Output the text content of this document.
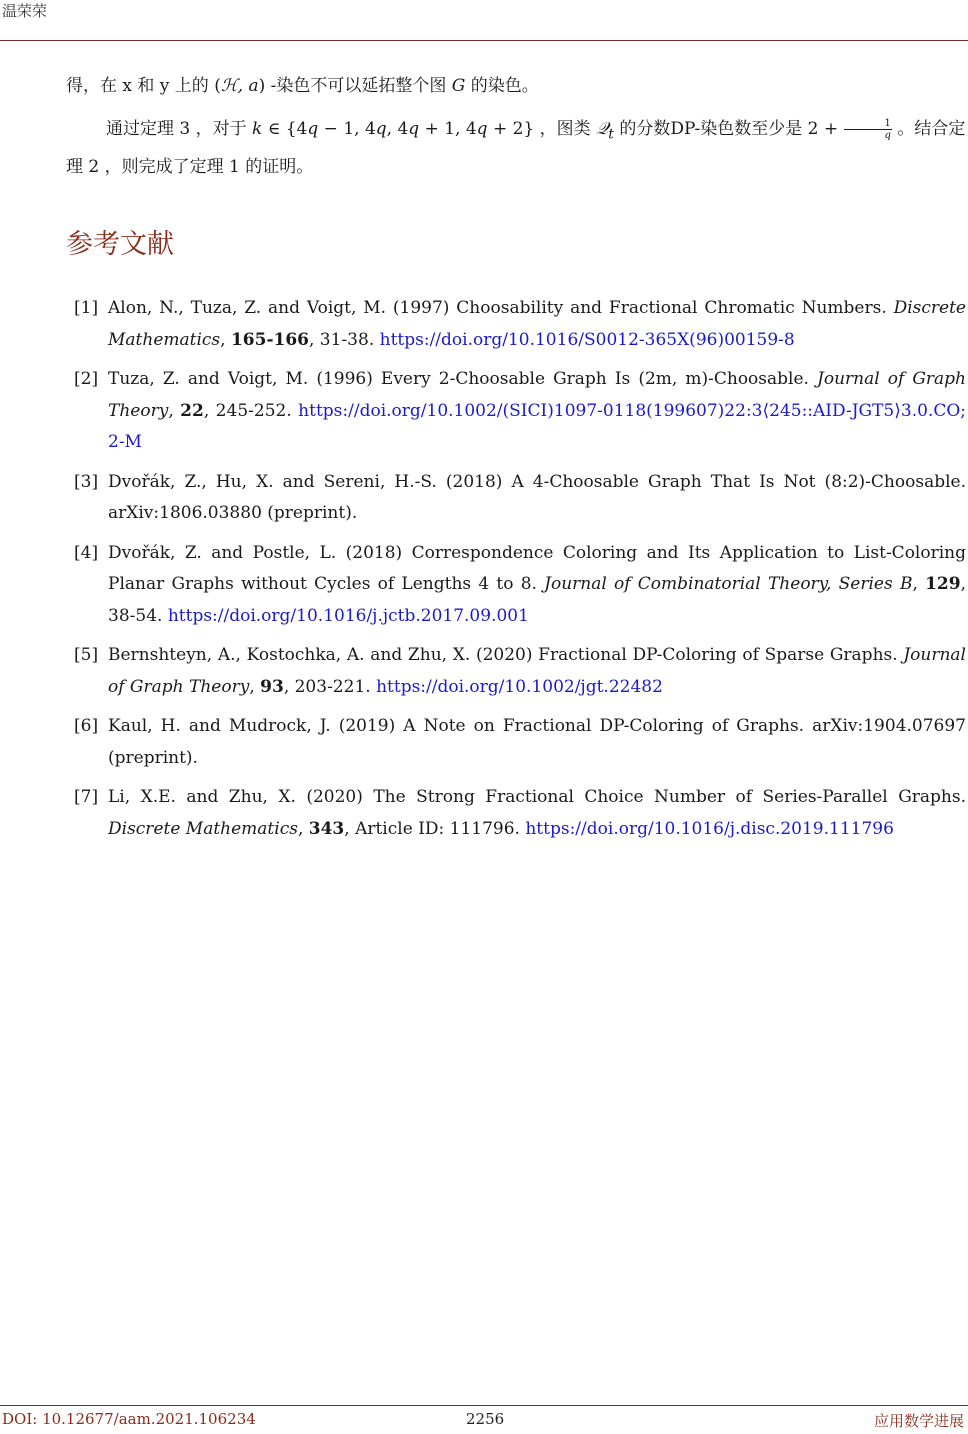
温荣荣
得，在 x 和 y 上的 (ℋ, a) -染色不可以延拓整个图 G 的染色。
通过定理 3 ，对于 k ∈ {4q − 1, 4q, 4q + 1, 4q + 2} ，图类 𝒬$_t$ 的分数DP-染色数至少是 $2 + \frac{1}{q}$ 。结合定理 2 ，则完成了定理 1 的证明。
参考文献
[1] Alon, N., Tuza, Z. and Voigt, M. (1997) Choosability and Fractional Chromatic Numbers. Discrete Mathematics, 165-166, 31-38. https://doi.org/10.1016/S0012-365X(96)00159-8
[2] Tuza, Z. and Voigt, M. (1996) Every 2-Choosable Graph Is (2m, m)-Choosable. Journal of Graph Theory, 22, 245-252. https://doi.org/10.1002/(SICI)1097-0118(199607)22:3⟨245::AID-JGT5⟩3.0.CO;2-M
[3] Dvořák, Z., Hu, X. and Sereni, H.-S. (2018) A 4-Choosable Graph That Is Not (8:2)-Choosable. arXiv:1806.03880 (preprint).
[4] Dvořák, Z. and Postle, L. (2018) Correspondence Coloring and Its Application to List-Coloring Planar Graphs without Cycles of Lengths 4 to 8. Journal of Combinatorial Theory, Series B, 129, 38-54. https://doi.org/10.1016/j.jctb.2017.09.001
[5] Bernshteyn, A., Kostochka, A. and Zhu, X. (2020) Fractional DP-Coloring of Sparse Graphs. Journal of Graph Theory, 93, 203-221. https://doi.org/10.1002/jgt.22482
[6] Kaul, H. and Mudrock, J. (2019) A Note on Fractional DP-Coloring of Graphs. arXiv:1904.07697 (preprint).
[7] Li, X.E. and Zhu, X. (2020) The Strong Fractional Choice Number of Series-Parallel Graphs. Discrete Mathematics, 343, Article ID: 111796. https://doi.org/10.1016/j.disc.2019.111796
DOI: 10.12677/aam.2021.106234	2256	应用数学进展
